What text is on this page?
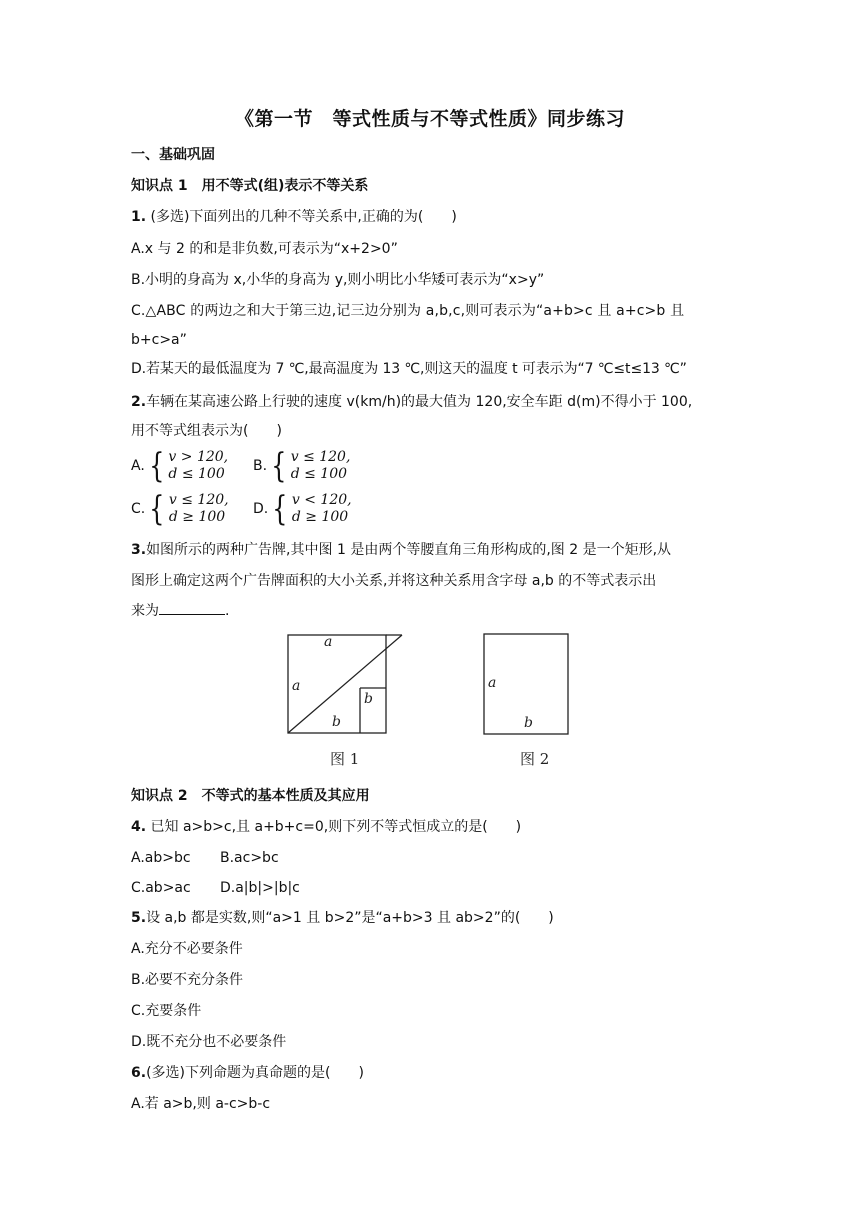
《第一节　等式性质与不等式性质》同步练习
一、基础巩固
知识点 1　用不等式(组)表示不等关系
1. (多选)下面列出的几种不等关系中,正确的为(　　)
A.x 与 2 的和是非负数,可表示为“x+2>0”
B.小明的身高为 x,小华的身高为 y,则小明比小华矮可表示为“x>y”
C.△ABC 的两边之和大于第三边,记三边分别为 a,b,c,则可表示为“a+b>c 且 a+c>b 且
b+c>a”
D.若某天的最低温度为 7 ℃,最高温度为 13 ℃,则这天的温度 t 可表示为“7 ℃≤t≤13 ℃”
2.车辆在某高速公路上行驶的速度 v(km/h)的最大值为 120,安全车距 d(m)不得小于 100,
用不等式组表示为(　　)
A. { v > 120,
d ≤ 100 B. { v ≤ 120,
d ≤ 100
C. { v ≤ 120,
d ≥ 100 D. { v < 120,
d ≥ 100
3.如图所示的两种广告牌,其中图 1 是由两个等腰直角三角形构成的,图 2 是一个矩形,从
图形上确定这两个广告牌面积的大小关系,并将这种关系用含字母 a,b 的不等式表示出
来为	.
a
a
b
b
图 1
a
b
图 2
知识点 2　不等式的基本性质及其应用
4. 已知 a>b>c,且 a+b+c=0,则下列不等式恒成立的是(　　)
A.ab>bc	B.ac>bc
C.ab>ac	D.a|b|>|b|c
5.设 a,b 都是实数,则“a>1 且 b>2”是“a+b>3 且 ab>2”的(　　)
A.充分不必要条件
B.必要不充分条件
C.充要条件
D.既不充分也不必要条件
6.(多选)下列命题为真命题的是(　　)
A.若 a>b,则 a-c>b-c
